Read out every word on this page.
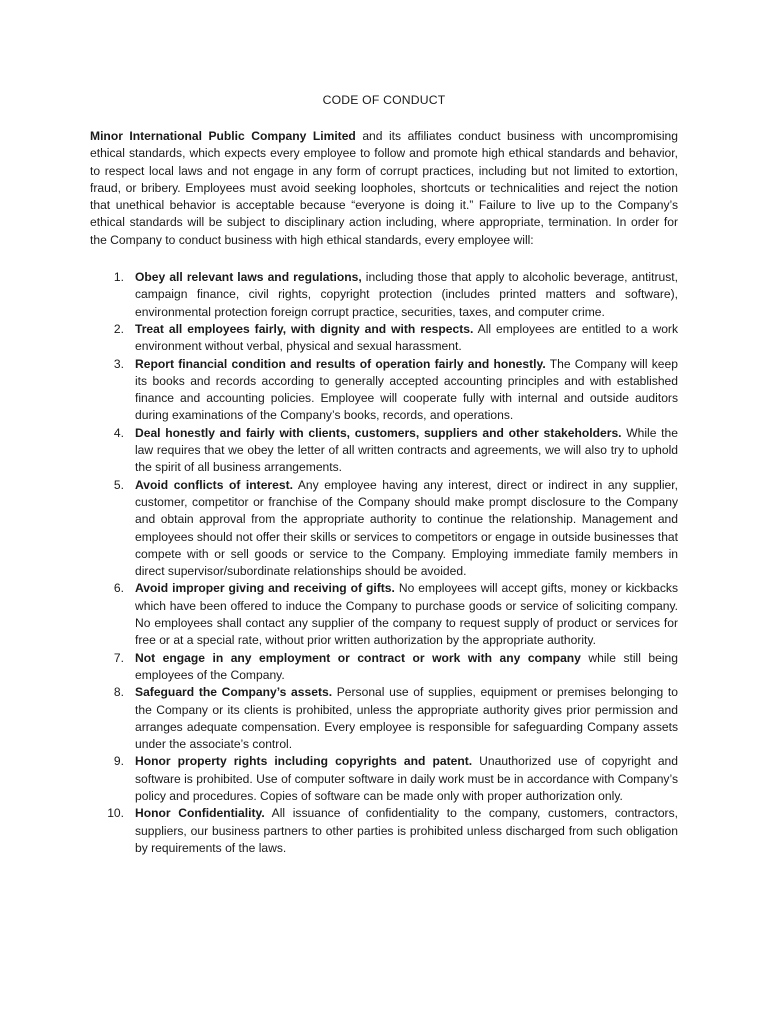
CODE OF CONDUCT

Minor International Public Company Limited and its affiliates conduct business with uncompromising ethical standards, which expects every employee to follow and promote high ethical standards and behavior, to respect local laws and not engage in any form of corrupt practices, including but not limited to extortion, fraud, or bribery. Employees must avoid seeking loopholes, shortcuts or technicalities and reject the notion that unethical behavior is acceptable because “everyone is doing it.” Failure to live up to the Company’s ethical standards will be subject to disciplinary action including, where appropriate, termination. In order for the Company to conduct business with high ethical standards, every employee will:

1. Obey all relevant laws and regulations, including those that apply to alcoholic beverage, antitrust, campaign finance, civil rights, copyright protection (includes printed matters and software), environmental protection foreign corrupt practice, securities, taxes, and computer crime.
2. Treat all employees fairly, with dignity and with respects. All employees are entitled to a work environment without verbal, physical and sexual harassment.
3. Report financial condition and results of operation fairly and honestly. The Company will keep its books and records according to generally accepted accounting principles and with established finance and accounting policies. Employee will cooperate fully with internal and outside auditors during examinations of the Company’s books, records, and operations.
4. Deal honestly and fairly with clients, customers, suppliers and other stakeholders. While the law requires that we obey the letter of all written contracts and agreements, we will also try to uphold the spirit of all business arrangements.
5. Avoid conflicts of interest. Any employee having any interest, direct or indirect in any supplier, customer, competitor or franchise of the Company should make prompt disclosure to the Company and obtain approval from the appropriate authority to continue the relationship. Management and employees should not offer their skills or services to competitors or engage in outside businesses that compete with or sell goods or service to the Company. Employing immediate family members in direct supervisor/subordinate relationships should be avoided.
6. Avoid improper giving and receiving of gifts. No employees will accept gifts, money or kickbacks which have been offered to induce the Company to purchase goods or service of soliciting company. No employees shall contact any supplier of the company to request supply of product or services for free or at a special rate, without prior written authorization by the appropriate authority.
7. Not engage in any employment or contract or work with any company while still being employees of the Company.
8. Safeguard the Company’s assets. Personal use of supplies, equipment or premises belonging to the Company or its clients is prohibited, unless the appropriate authority gives prior permission and arranges adequate compensation. Every employee is responsible for safeguarding Company assets under the associate’s control.
9. Honor property rights including copyrights and patent. Unauthorized use of copyright and software is prohibited. Use of computer software in daily work must be in accordance with Company’s policy and procedures. Copies of software can be made only with proper authorization only.
10. Honor Confidentiality. All issuance of confidentiality to the company, customers, contractors, suppliers, our business partners to other parties is prohibited unless discharged from such obligation by requirements of the laws.
